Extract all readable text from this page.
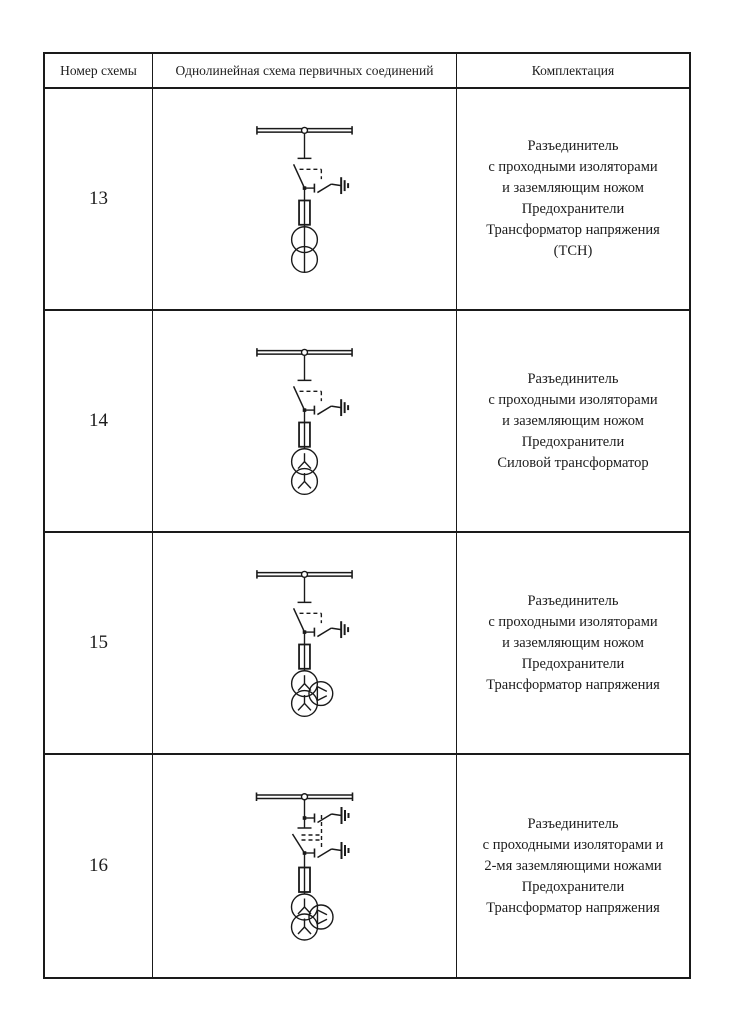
Номер схемы	Однолинейная схема первичных соединений	Комплектация
13
Разъединитель
с проходными изоляторами
и заземляющим ножом
Предохранители
Трансформатор напряжения
(ТСН)
14
Разъединитель
с проходными изоляторами
и заземляющим ножом
Предохранители
Силовой трансформатор
15
Разъединитель
с проходными изоляторами
и заземляющим ножом
Предохранители
Трансформатор напряжения
16
Разъединитель
с проходными изоляторами и
2-мя заземляющими ножами
Предохранители
Трансформатор напряжения
